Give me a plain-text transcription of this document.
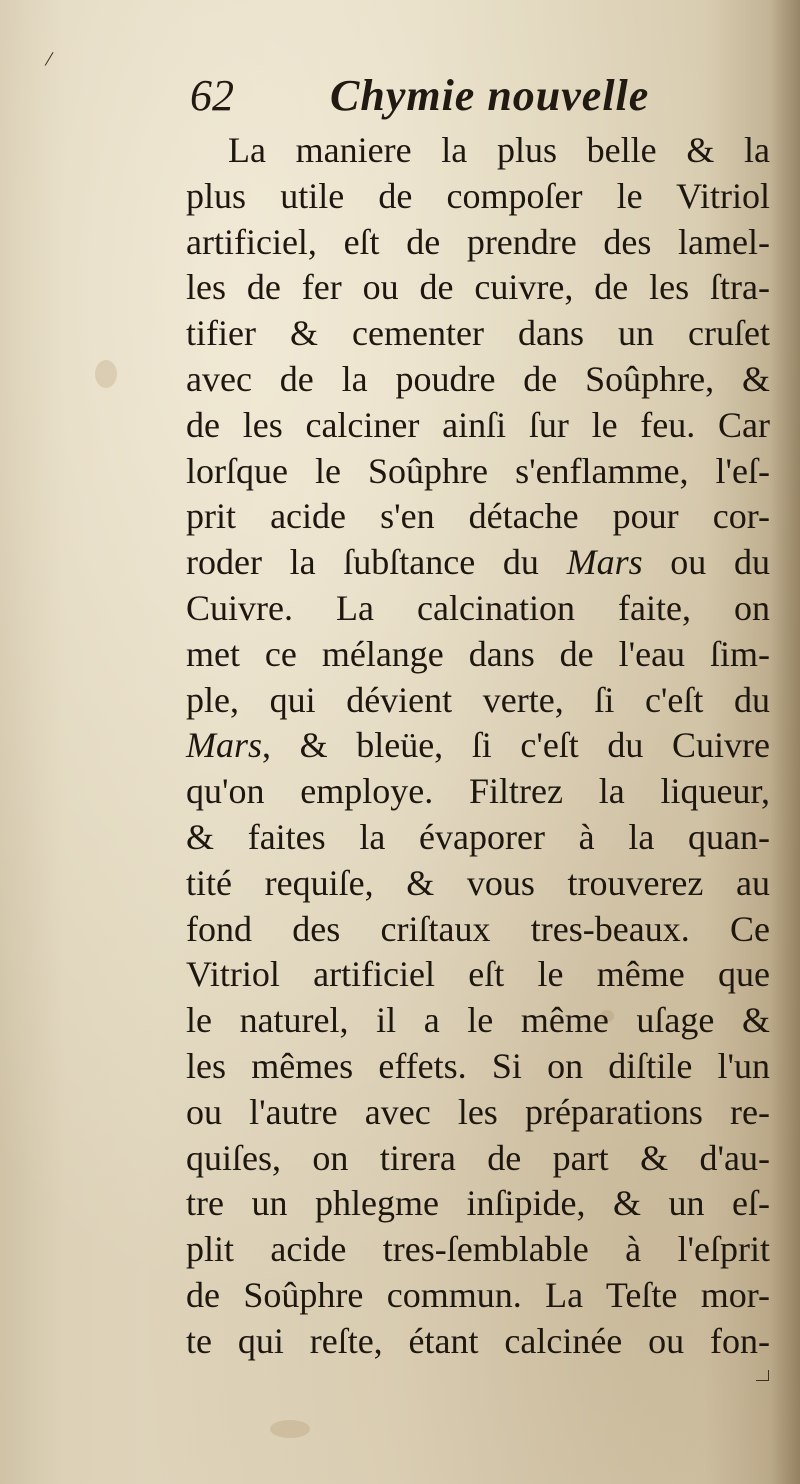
/
62 Chymie nouvelle
La maniere la plus belle & la
plus utile de compoſer le Vitriol
artificiel, eſt de prendre des lamel-
les de fer ou de cuivre, de les ſtra-
tifier & cementer dans un cruſet
avec de la poudre de Soûphre, &
de les calciner ainſi ſur le feu. Car
lorſque le Soûphre s'enflamme, l'eſ-
prit acide s'en détache pour cor-
roder la ſubſtance du Mars ou du
Cuivre. La calcination faite, on
met ce mélange dans de l'eau ſim-
ple, qui dévient verte, ſi c'eſt du
Mars, & bleüe, ſi c'eſt du Cuivre
qu'on employe. Filtrez la liqueur,
& faites la évaporer à la quan-
tité requiſe, & vous trouverez au
fond des criſtaux tres-beaux. Ce
Vitriol artificiel eſt le même que
le naturel, il a le même uſage &
les mêmes effets. Si on diſtile l'un
ou l'autre avec les préparations re-
quiſes, on tirera de part & d'au-
tre un phlegme inſipide, & un eſ-
plit acide tres-ſemblable à l'eſprit
de Soûphre commun. La Teſte mor-
te qui reſte, étant calcinée ou fon-
